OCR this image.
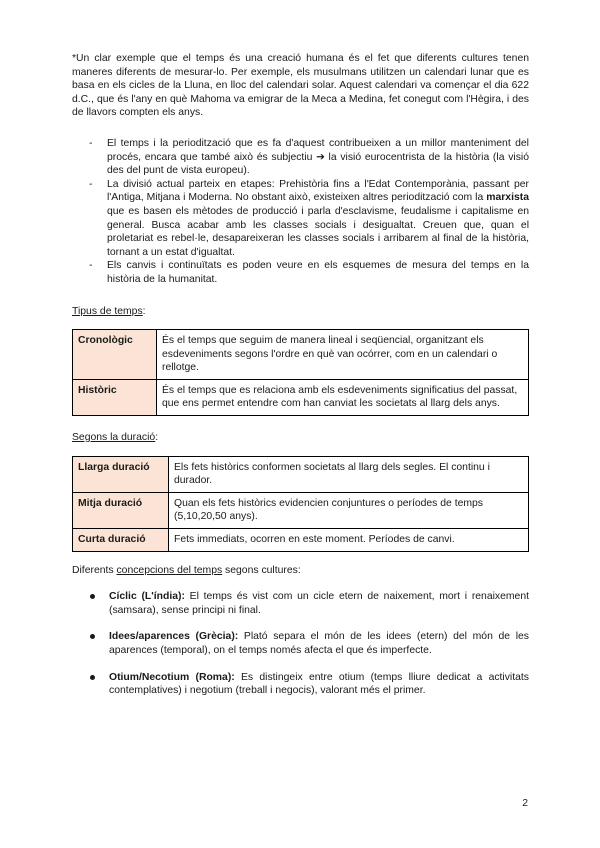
*Un clar exemple que el temps és una creació humana és el fet que diferents cultures tenen maneres diferents de mesurar-lo. Per exemple, els musulmans utilitzen un calendari lunar que es basa en els cicles de la Lluna, en lloc del calendari solar. Aquest calendari va començar el dia 622 d.C., que és l'any en què Mahoma va emigrar de la Meca a Medina, fet conegut com l'Hègira, i des de llavors compten els anys.

- El temps i la periodització que es fa d'aquest contribueixen a un millor manteniment del procés, encara que també això és subjectiu ➔ la visió eurocentrista de la història (la visió des del punt de vista europeu).
- La divisió actual parteix en etapes: Prehistòria fins a l'Edat Contemporània, passant per l'Antiga, Mitjana i Moderna. No obstant això, existeixen altres periodització com la marxista que es basen els mètodes de producció i parla d'esclavisme, feudalisme i capitalisme en general. Busca acabar amb les classes socials i desigualtat. Creuen que, quan el proletariat es rebel·le, desapareixeran les classes socials i arribarem al final de la història, tornant a un estat d'igualtat.
- Els canvis i continuïtats es poden veure en els esquemes de mesura del temps en la història de la humanitat.
Tipus de temps:
Cronològic	És el temps que seguim de manera lineal i seqüencial, organitzant els esdeveniments segons l'ordre en què van ocórrer, com en un calendari o rellotge.
Històric	És el temps que es relaciona amb els esdeveniments significatius del passat, que ens permet entendre com han canviat les societats al llarg dels anys.
Segons la duració:
Llarga duració	Els fets històrics conformen societats al llarg dels segles. El continu i durador.
Mitja duració	Quan els fets històrics evidencien conjuntures o períodes de temps (5,10,20,50 anys).
Curta duració	Fets immediats, ocorren en este moment. Períodes de canvi.
Diferents concepcions del temps segons cultures:
Cíclic (L'índia): El temps és vist com un cicle etern de naixement, mort i renaixement (samsara), sense principi ni final.
Idees/aparences (Grècia): Plató separa el món de les idees (etern) del món de les aparences (temporal), on el temps només afecta el que és imperfecte.
Otium/Necotium (Roma): Es distingeix entre otium (temps lliure dedicat a activitats contemplatives) i negotium (treball i negocis), valorant més el primer.
2
